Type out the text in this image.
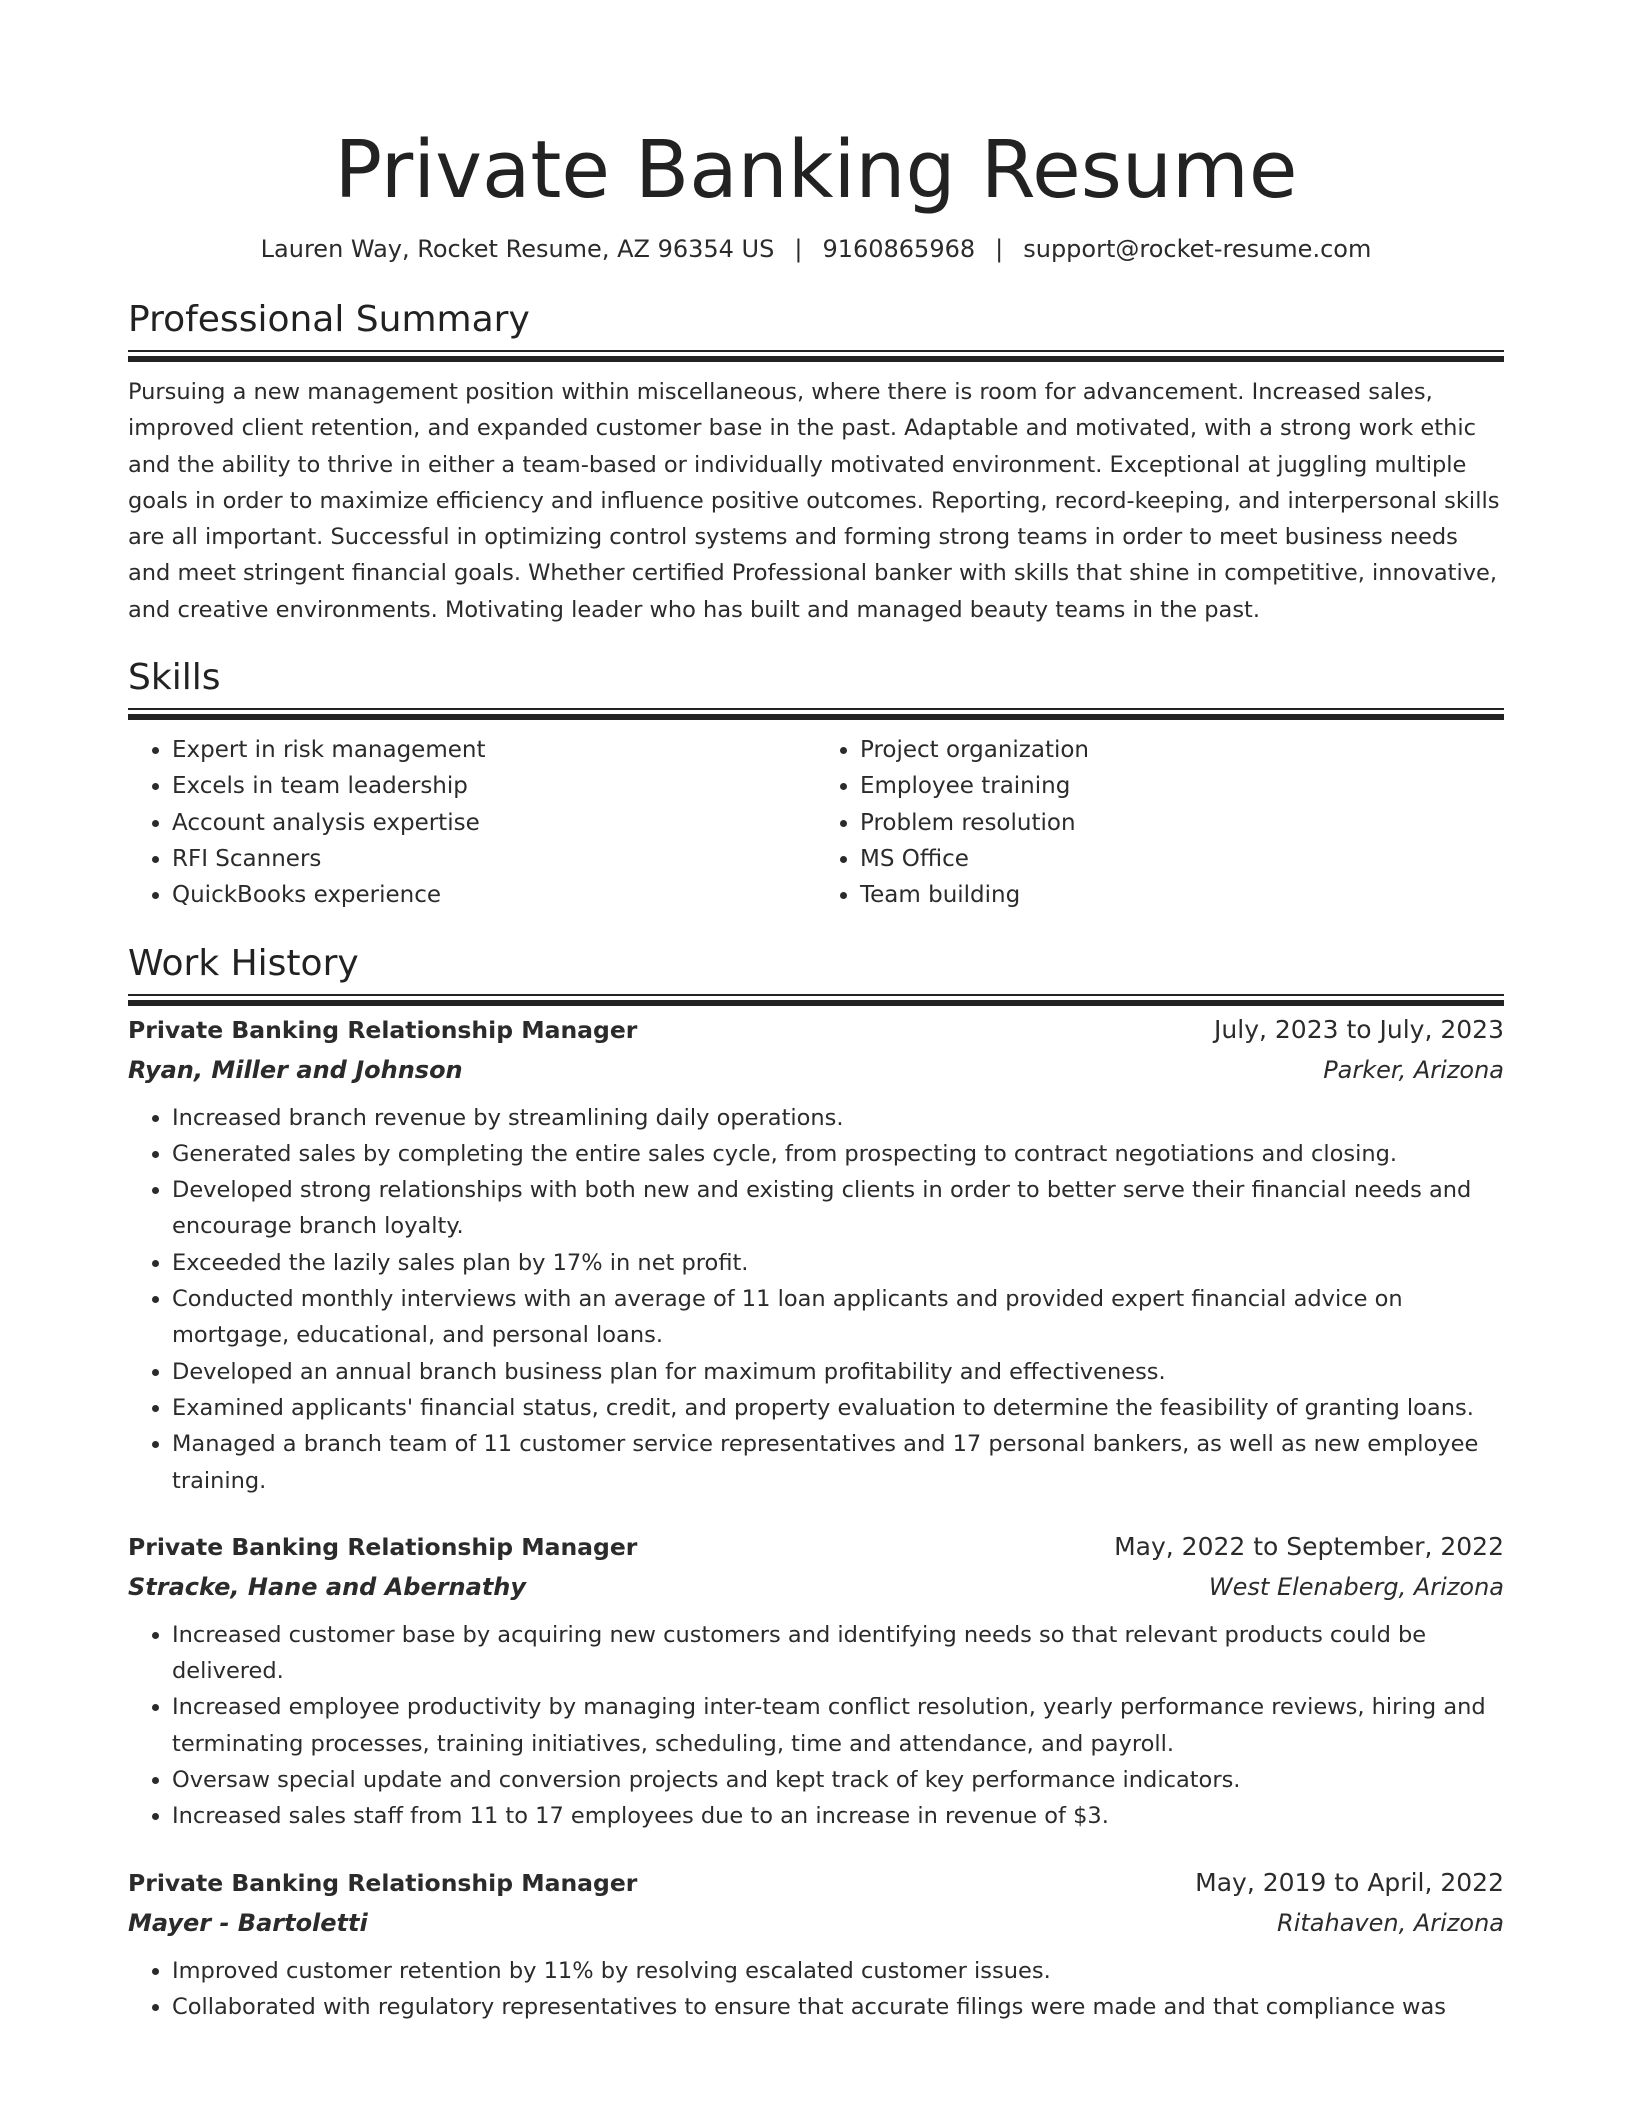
Private Banking Resume
Lauren Way, Rocket Resume, AZ 96354 US | 9160865968 | support@rocket-resume.com
Professional Summary

Pursuing a new management position within miscellaneous, where there is room for advancement. Increased sales, improved client retention, and expanded customer base in the past. Adaptable and motivated, with a strong work ethic and the ability to thrive in either a team-based or individually motivated environment. Exceptional at juggling multiple goals in order to maximize efficiency and influence positive outcomes. Reporting, record-keeping, and interpersonal skills are all important. Successful in optimizing control systems and forming strong teams in order to meet business needs and meet stringent financial goals. Whether certified Professional banker with skills that shine in competitive, innovative, and creative environments. Motivating leader who has built and managed beauty teams in the past.

Skills
• Expert in risk management
• Excels in team leadership
• Account analysis expertise
• RFI Scanners
• QuickBooks experience
• Project organization
• Employee training
• Problem resolution
• MS Office
• Team building
Work History
Private Banking Relationship Manager	July, 2023 to July, 2023
Ryan, Miller and Johnson	Parker, Arizona
• Increased branch revenue by streamlining daily operations.
• Generated sales by completing the entire sales cycle, from prospecting to contract negotiations and closing.
• Developed strong relationships with both new and existing clients in order to better serve their financial needs and encourage branch loyalty.
• Exceeded the lazily sales plan by 17% in net profit.
• Conducted monthly interviews with an average of 11 loan applicants and provided expert financial advice on mortgage, educational, and personal loans.
• Developed an annual branch business plan for maximum profitability and effectiveness.
• Examined applicants' financial status, credit, and property evaluation to determine the feasibility of granting loans.
• Managed a branch team of 11 customer service representatives and 17 personal bankers, as well as new employee training.
Private Banking Relationship Manager	May, 2022 to September, 2022
Stracke, Hane and Abernathy	West Elenaberg, Arizona
• Increased customer base by acquiring new customers and identifying needs so that relevant products could be delivered.
• Increased employee productivity by managing inter-team conflict resolution, yearly performance reviews, hiring and terminating processes, training initiatives, scheduling, time and attendance, and payroll.
• Oversaw special update and conversion projects and kept track of key performance indicators.
• Increased sales staff from 11 to 17 employees due to an increase in revenue of $3.
Private Banking Relationship Manager	May, 2019 to April, 2022
Mayer - Bartoletti	Ritahaven, Arizona
• Improved customer retention by 11% by resolving escalated customer issues.
• Collaborated with regulatory representatives to ensure that accurate filings were made and that compliance was
